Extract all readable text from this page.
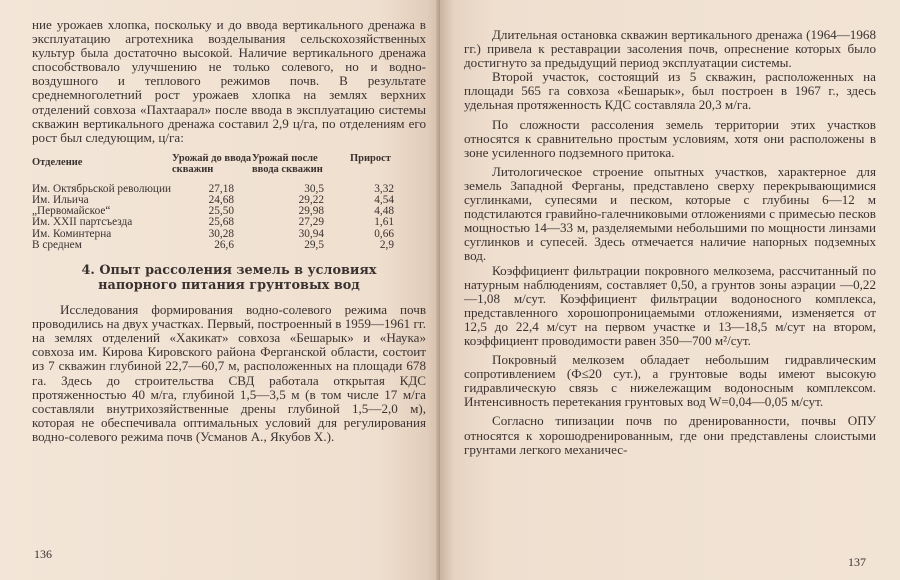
ние урожаев хлопка, поскольку и до ввода вертикального дренажа в эксплуатацию агротехника возделывания сельскохозяйственных культур была достаточно высокой. Наличие вертикального дренажа способствовало улучшению не только солевого, но и водно-воздушного и теплового режимов почв. В результате среднемноголетний рост урожаев хлопка на землях верхних отделений совхоза «Пахтаарал» после ввода в эксплуатацию системы скважин вертикального дренажа составил 2,9 ц/га, по отделениям его рост был следующим, ц/га:

Отделение	Урожай до ввода скважин	Урожай после ввода скважин	Прирост
Им. Октябрьской революции	27,18	30,5	3,32
Им. Ильича	24,68	29,22	4,54
„Первомайское“	25,50	29,98	4,48
Им. XXII партсъезда	25,68	27,29	1,61
Им. Коминтерна	30,28	30,94	0,66
В среднем	26,6	29,5	2,9
4. Опыт рассоления земель в условиях напорного питания грунтовых вод

Исследования формирования водно-солевого режима почв проводились на двух участках. Первый, построенный в 1959—1961 гг. на землях отделений «Хакикат» совхоза «Бешарык» и «Наука» совхоза им. Кирова Кировского района Ферганской области, состоит из 7 скважин глубиной 22,7—60,7 м, расположенных на площади 678 га. Здесь до строительства СВД работала открытая КДС протяженностью 40 м/га, глубиной 1,5—3,5 м (в том числе 17 м/га составляли внутрихозяйственные дрены глубиной 1,5—2,0 м), которая не обеспечивала оптимальных условий для регулирования водно-солевого режима почв (Усманов А., Якубов Х.).

136

Длительная остановка скважин вертикального дренажа (1964—1968 гг.) привела к реставрации засоления почв, опреснение которых было достигнуто за предыдущий период эксплуатации системы.

Второй участок, состоящий из 5 скважин, расположенных на площади 565 га совхоза «Бешарык», был построен в 1967 г., здесь удельная протяженность КДС составляла 20,3 м/га.

По сложности рассоления земель территории этих участков относятся к сравнительно простым условиям, хотя они расположены в зоне усиленного подземного притока.

Литологическое строение опытных участков, характерное для земель Западной Ферганы, представлено сверху перекрывающимися суглинками, супесями и песком, которые с глубины 6—12 м подстилаются гравийно-галечниковыми отложениями с примесью песков мощностью 14—33 м, разделяемыми небольшими по мощности линзами суглинков и супесей. Здесь отмечается наличие напорных подземных вод.

Коэффициент фильтрации покровного мелкозема, рассчитанный по натурным наблюдениям, составляет 0,50, а грунтов зоны аэрации —0,22—1,08 м/сут. Коэффициент фильтрации водоносного комплекса, представленного хорошопроницаемыми отложениями, изменяется от 12,5 до 22,4 м/сут на первом участке и 13—18,5 м/сут на втором, коэффициент проводимости равен 350—700 м²/сут.

Покровный мелкозем обладает небольшим гидравлическим сопротивлением (Ф≤20 сут.), а грунтовые воды имеют высокую гидравлическую связь с нижележащим водоносным комплексом. Интенсивность перетекания грунтовых вод W=0,04—0,05 м/сут.

Согласно типизации почв по дренированности, почвы ОПУ относятся к хорошодренированным, где они представлены слоистыми грунтами легкого механичес-

137
